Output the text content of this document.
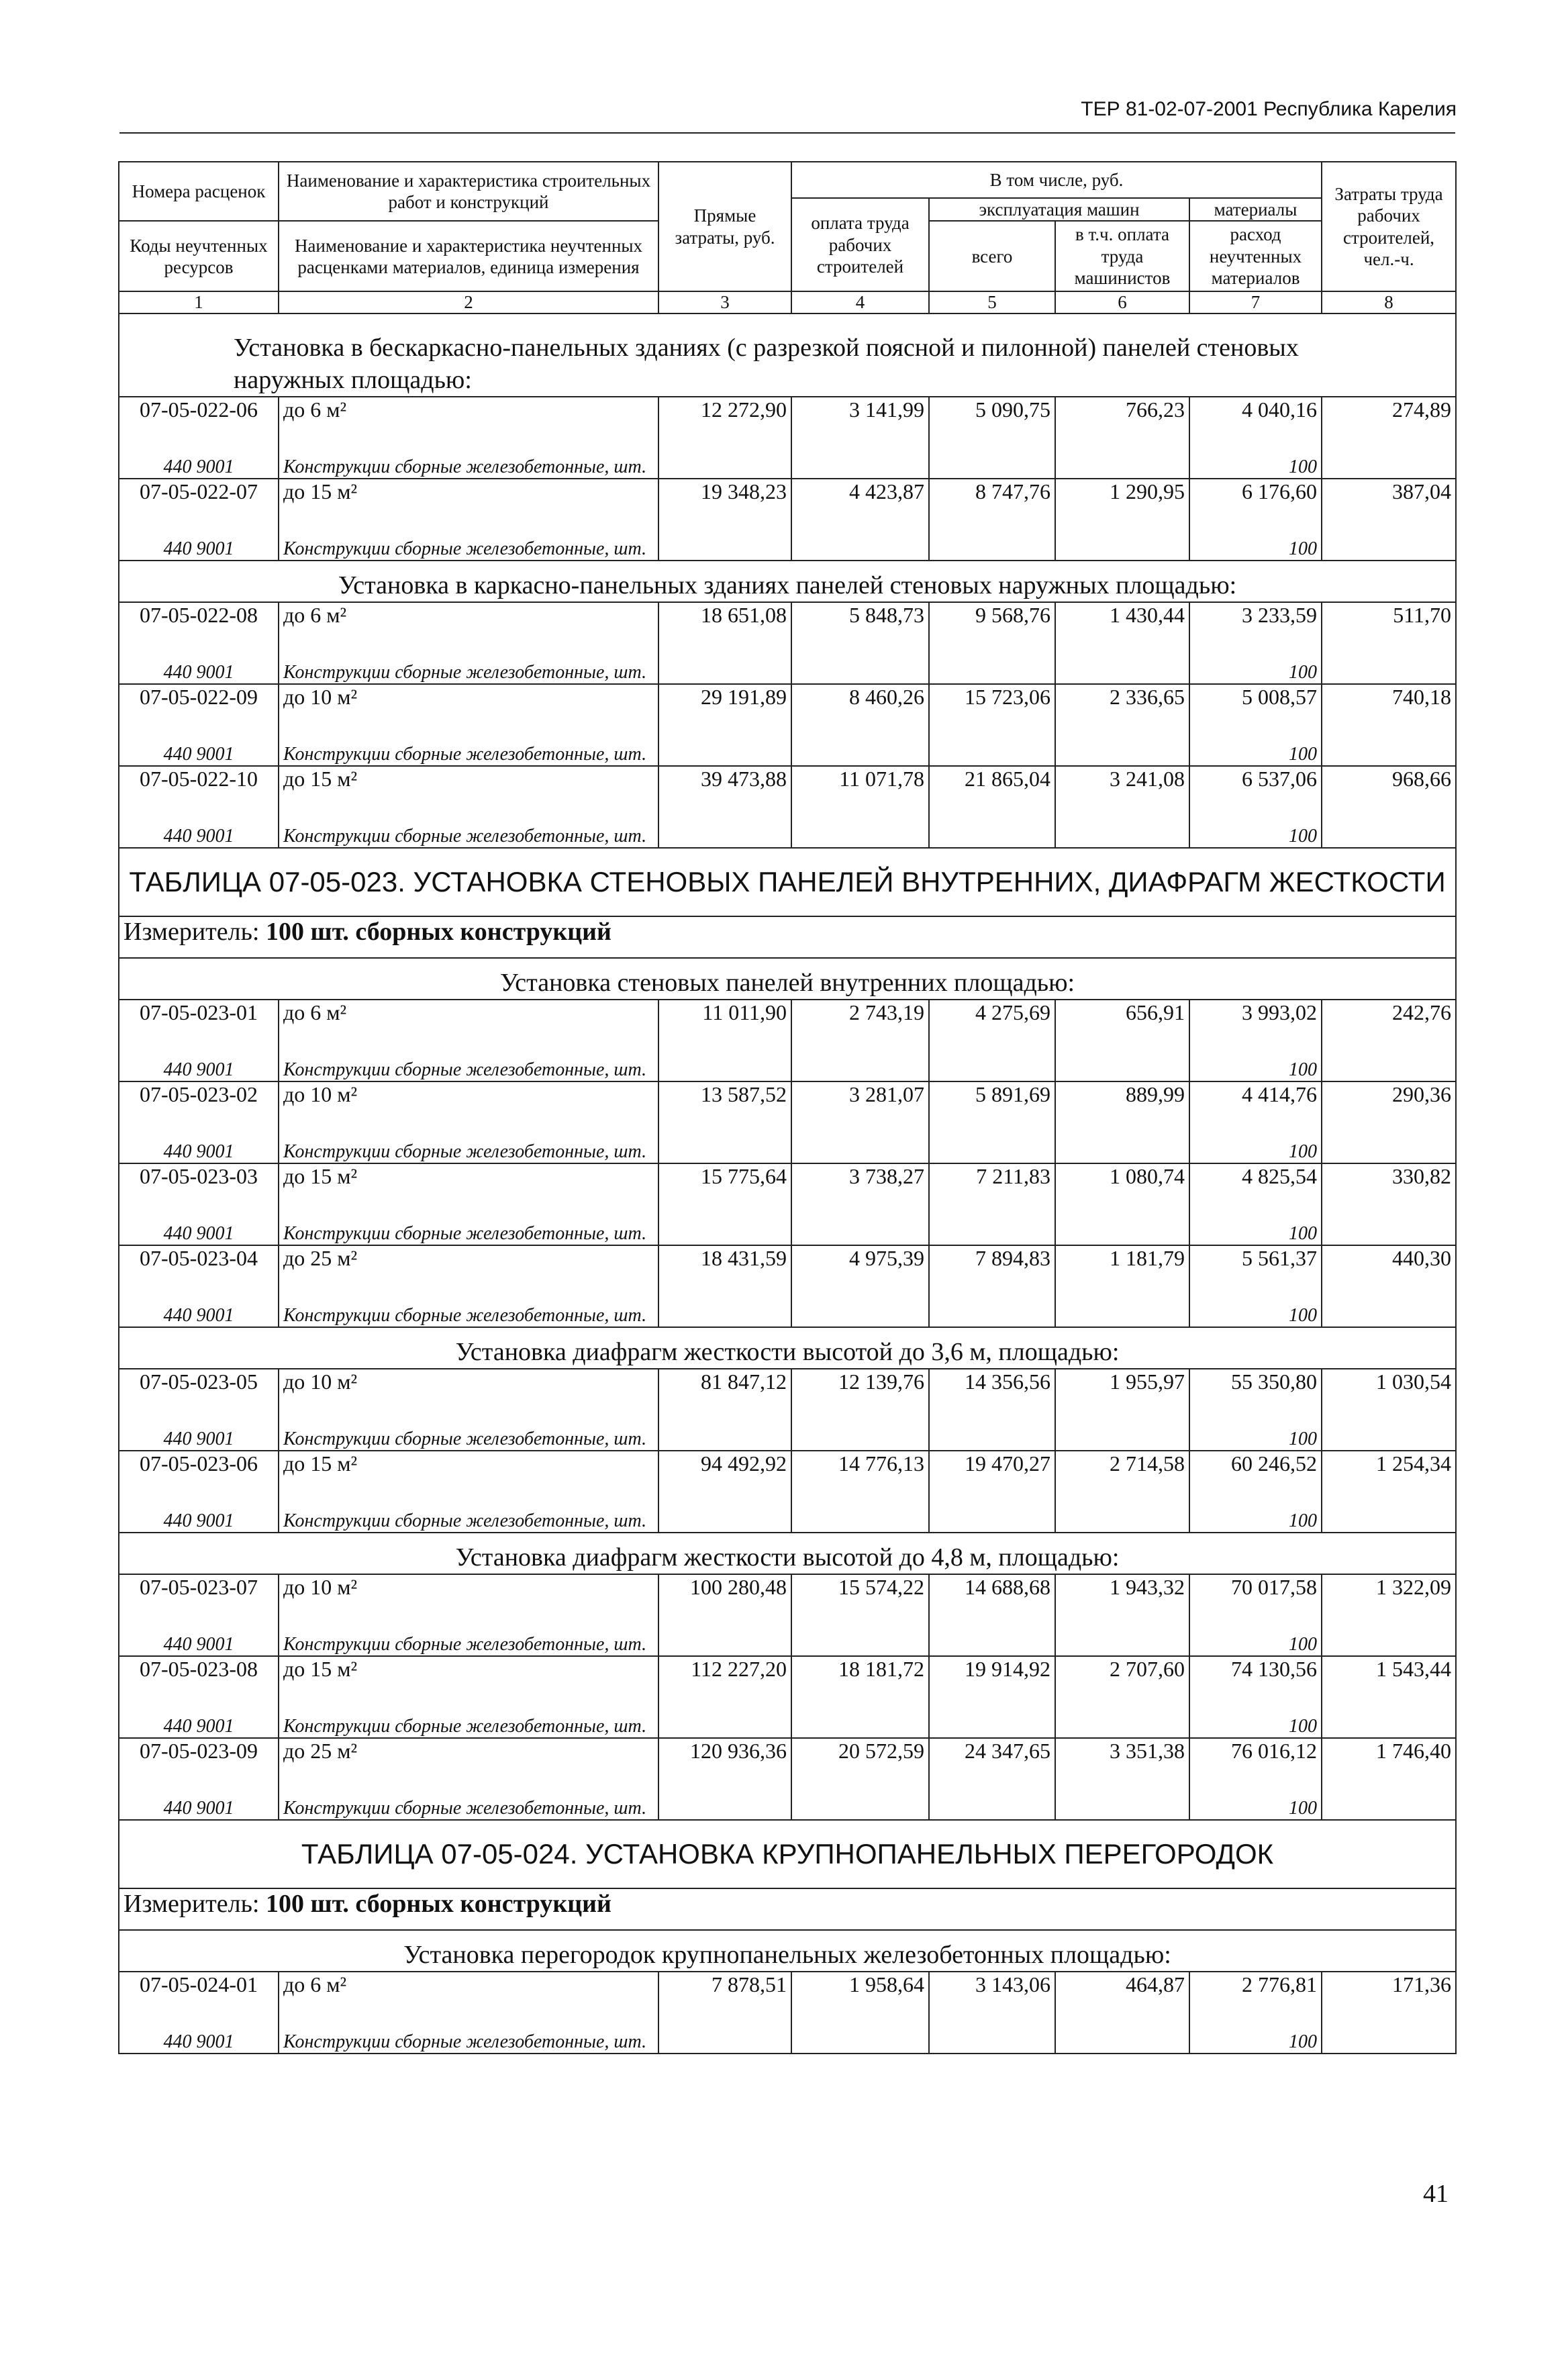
ТЕР 81-02-07-2001 Республика Карелия
Номера расценок	Наименование и характеристика строительных работ и конструкций	Прямые затраты, руб.	В том числе, руб.				Затраты труда рабочих строителей, чел.-ч.
			оплата труда рабочих строителей	эксплуатация машин		материалы	
Коды неучтенных ресурсов	Наименование и характеристика неучтенных расценками материалов, единица измерения			всего	в т.ч. оплата труда машинистов	расход неучтенных материалов	

1	2	3	4	5	6	7	8
Установка в бескаркасно-панельных зданиях (с разрезкой поясной и пилонной) панелей стеновых наружных площадью:							
07-05-022-06	до 6 м²	12 272,90	3 141,99	5 090,75	766,23	4 040,16	274,89
440 9001	Конструкции сборные железобетонные, шт.					100	
07-05-022-07	до 15 м²	19 348,23	4 423,87	8 747,76	1 290,95	6 176,60	387,04
440 9001	Конструкции сборные железобетонные, шт.					100	
Установка в каркасно-панельных зданиях панелей стеновых наружных площадью:							
07-05-022-08	до 6 м²	18 651,08	5 848,73	9 568,76	1 430,44	3 233,59	511,70
440 9001	Конструкции сборные железобетонные, шт.					100	
07-05-022-09	до 10 м²	29 191,89	8 460,26	15 723,06	2 336,65	5 008,57	740,18
440 9001	Конструкции сборные железобетонные, шт.					100	
07-05-022-10	до 15 м²	39 473,88	11 071,78	21 865,04	3 241,08	6 537,06	968,66
440 9001	Конструкции сборные железобетонные, шт.					100	
ТАБЛИЦА 07-05-023. УСТАНОВКА СТЕНОВЫХ ПАНЕЛЕЙ ВНУТРЕННИХ, ДИАФРАГМ ЖЕСТКОСТИ							
Измеритель: 100 шт. сборных конструкций							
Установка стеновых панелей внутренних площадью:							
07-05-023-01	до 6 м²	11 011,90	2 743,19	4 275,69	656,91	3 993,02	242,76
440 9001	Конструкции сборные железобетонные, шт.					100	
07-05-023-02	до 10 м²	13 587,52	3 281,07	5 891,69	889,99	4 414,76	290,36
440 9001	Конструкции сборные железобетонные, шт.					100	
07-05-023-03	до 15 м²	15 775,64	3 738,27	7 211,83	1 080,74	4 825,54	330,82
440 9001	Конструкции сборные железобетонные, шт.					100	
07-05-023-04	до 25 м²	18 431,59	4 975,39	7 894,83	1 181,79	5 561,37	440,30
440 9001	Конструкции сборные железобетонные, шт.					100	
Установка диафрагм жесткости высотой до 3,6 м, площадью:							
07-05-023-05	до 10 м²	81 847,12	12 139,76	14 356,56	1 955,97	55 350,80	1 030,54
440 9001	Конструкции сборные железобетонные, шт.					100	
07-05-023-06	до 15 м²	94 492,92	14 776,13	19 470,27	2 714,58	60 246,52	1 254,34
440 9001	Конструкции сборные железобетонные, шт.					100	
Установка диафрагм жесткости высотой до 4,8 м, площадью:							
07-05-023-07	до 10 м²	100 280,48	15 574,22	14 688,68	1 943,32	70 017,58	1 322,09
440 9001	Конструкции сборные железобетонные, шт.					100	
07-05-023-08	до 15 м²	112 227,20	18 181,72	19 914,92	2 707,60	74 130,56	1 543,44
440 9001	Конструкции сборные железобетонные, шт.					100	
07-05-023-09	до 25 м²	120 936,36	20 572,59	24 347,65	3 351,38	76 016,12	1 746,40
440 9001	Конструкции сборные железобетонные, шт.					100	
ТАБЛИЦА 07-05-024. УСТАНОВКА КРУПНОПАНЕЛЬНЫХ ПЕРЕГОРОДОК							
Измеритель: 100 шт. сборных конструкций							
Установка перегородок крупнопанельных железобетонных площадью:							
07-05-024-01	до 6 м²	7 878,51	1 958,64	3 143,06	464,87	2 776,81	171,36
440 9001	Конструкции сборные железобетонные, шт.					100	
41
